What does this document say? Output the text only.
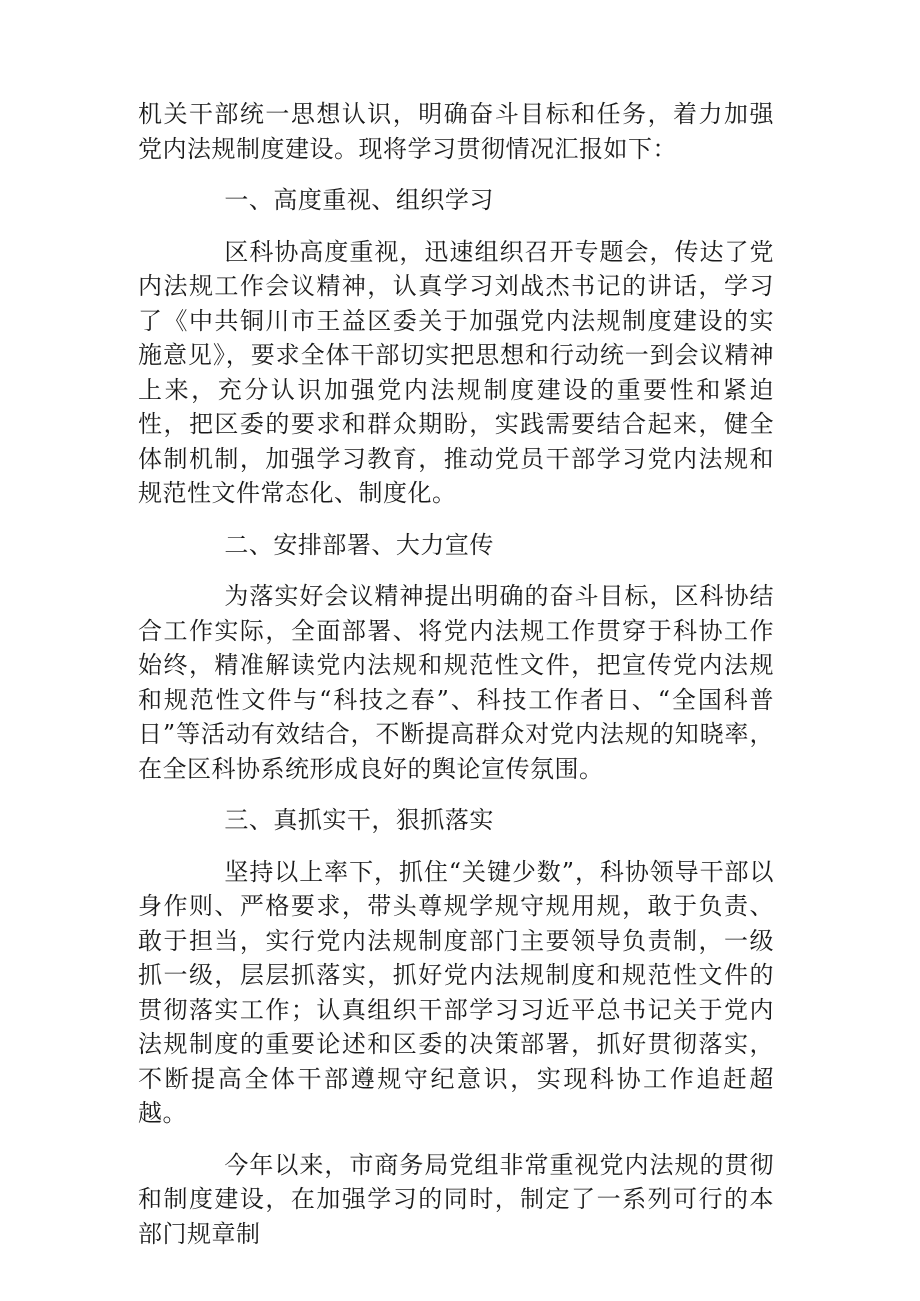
机关干部统一思想认识，明确奋斗目标和任务，着力加强党内法规制度建设。现将学习贯彻情况汇报如下：

一、高度重视、组织学习

区科协高度重视，迅速组织召开专题会，传达了党内法规工作会议精神，认真学习刘战杰书记的讲话，学习了《中共铜川市王益区委关于加强党内法规制度建设的实施意见》，要求全体干部切实把思想和行动统一到会议精神上来，充分认识加强党内法规制度建设的重要性和紧迫性，把区委的要求和群众期盼，实践需要结合起来，健全体制机制，加强学习教育，推动党员干部学习党内法规和规范性文件常态化、制度化。

二、安排部署、大力宣传

为落实好会议精神提出明确的奋斗目标，区科协结合工作实际，全面部署、将党内法规工作贯穿于科协工作始终，精准解读党内法规和规范性文件，把宣传党内法规和规范性文件与“科技之春”、科技工作者日、“全国科普日”等活动有效结合，不断提高群众对党内法规的知晓率，在全区科协系统形成良好的舆论宣传氛围。

三、真抓实干，狠抓落实

坚持以上率下，抓住“关键少数”，科协领导干部以身作则、严格要求，带头尊规学规守规用规，敢于负责、敢于担当，实行党内法规制度部门主要领导负责制，一级抓一级，层层抓落实，抓好党内法规制度和规范性文件的贯彻落实工作；认真组织干部学习习近平总书记关于党内法规制度的重要论述和区委的决策部署，抓好贯彻落实，不断提高全体干部遵规守纪意识，实现科协工作追赶超越。

今年以来，市商务局党组非常重视党内法规的贯彻和制度建设，在加强学习的同时，制定了一系列可行的本部门规章制
